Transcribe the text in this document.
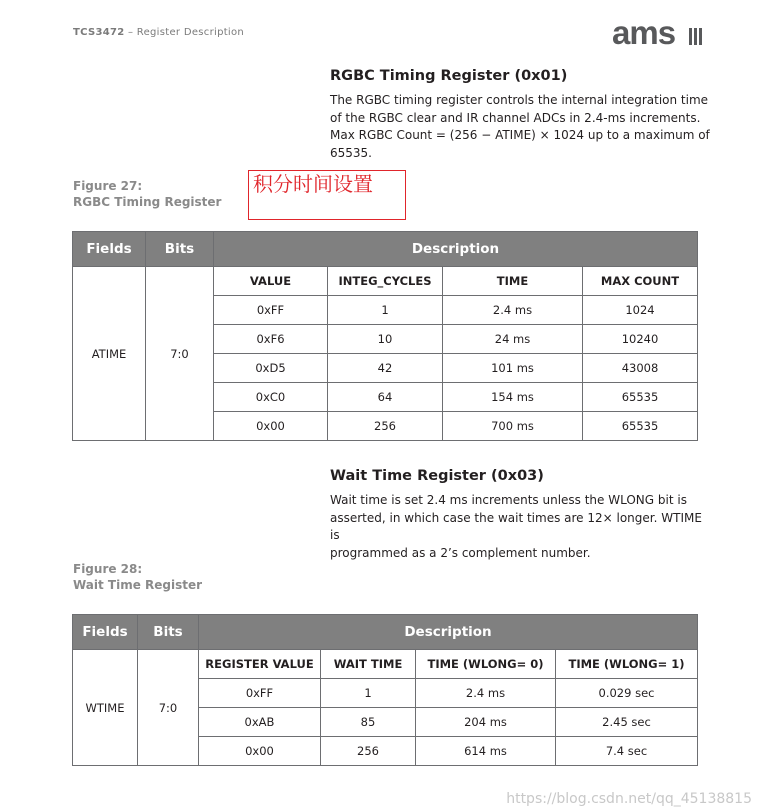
TCS3472 – Register Description	ams
RGBC Timing Register (0x01)
The RGBC timing register controls the internal integration time
of the RGBC clear and IR channel ADCs in 2.4-ms increments.
Max RGBC Count = (256 − ATIME) × 1024 up to a maximum of
65535.
Figure 27:
RGBC Timing Register
积分时间设置
Fields	Bits	Description			
ATIME	7:0	VALUE	INTEG_CYCLES	TIME	MAX COUNT
		0xFF	1	2.4 ms	1024
		0xF6	10	24 ms	10240
		0xD5	42	101 ms	43008
		0xC0	64	154 ms	65535
		0x00	256	700 ms	65535
Wait Time Register (0x03)
Wait time is set 2.4 ms increments unless the WLONG bit is
asserted, in which case the wait times are 12× longer. WTIME is
programmed as a 2’s complement number.
Figure 28:
Wait Time Register
Fields	Bits	Description			
WTIME	7:0	REGISTER VALUE	WAIT TIME	TIME (WLONG= 0)	TIME (WLONG= 1)
		0xFF	1	2.4 ms	0.029 sec
		0xAB	85	204 ms	2.45 sec
		0x00	256	614 ms	7.4 sec
https://blog.csdn.net/qq_45138815
